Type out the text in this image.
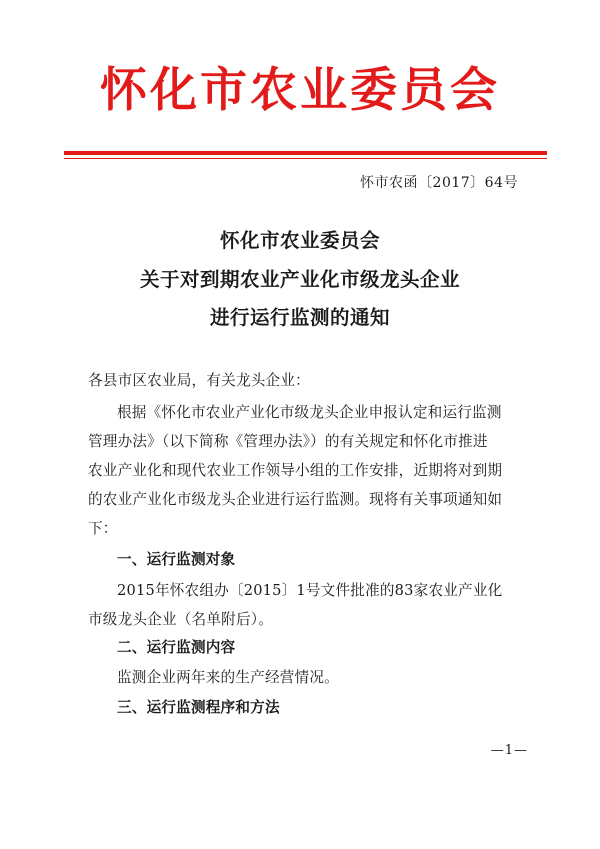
怀化市农业委员会
怀市农函〔2017〕64号
怀化市农业委员会
关于对到期农业产业化市级龙头企业
进行运行监测的通知
各县市区农业局，有关龙头企业：
根据《怀化市农业产业化市级龙头企业申报认定和运行监测
管理办法》（以下简称《管理办法》）的有关规定和怀化市推进
农业产业化和现代农业工作领导小组的工作安排，近期将对到期
的农业产业化市级龙头企业进行运行监测。现将有关事项通知如
下：
一、运行监测对象
2015年怀农组办〔2015〕1号文件批准的83家农业产业化
市级龙头企业（名单附后）。
二、运行监测内容
监测企业两年来的生产经营情况。
三、运行监测程序和方法
—1—
